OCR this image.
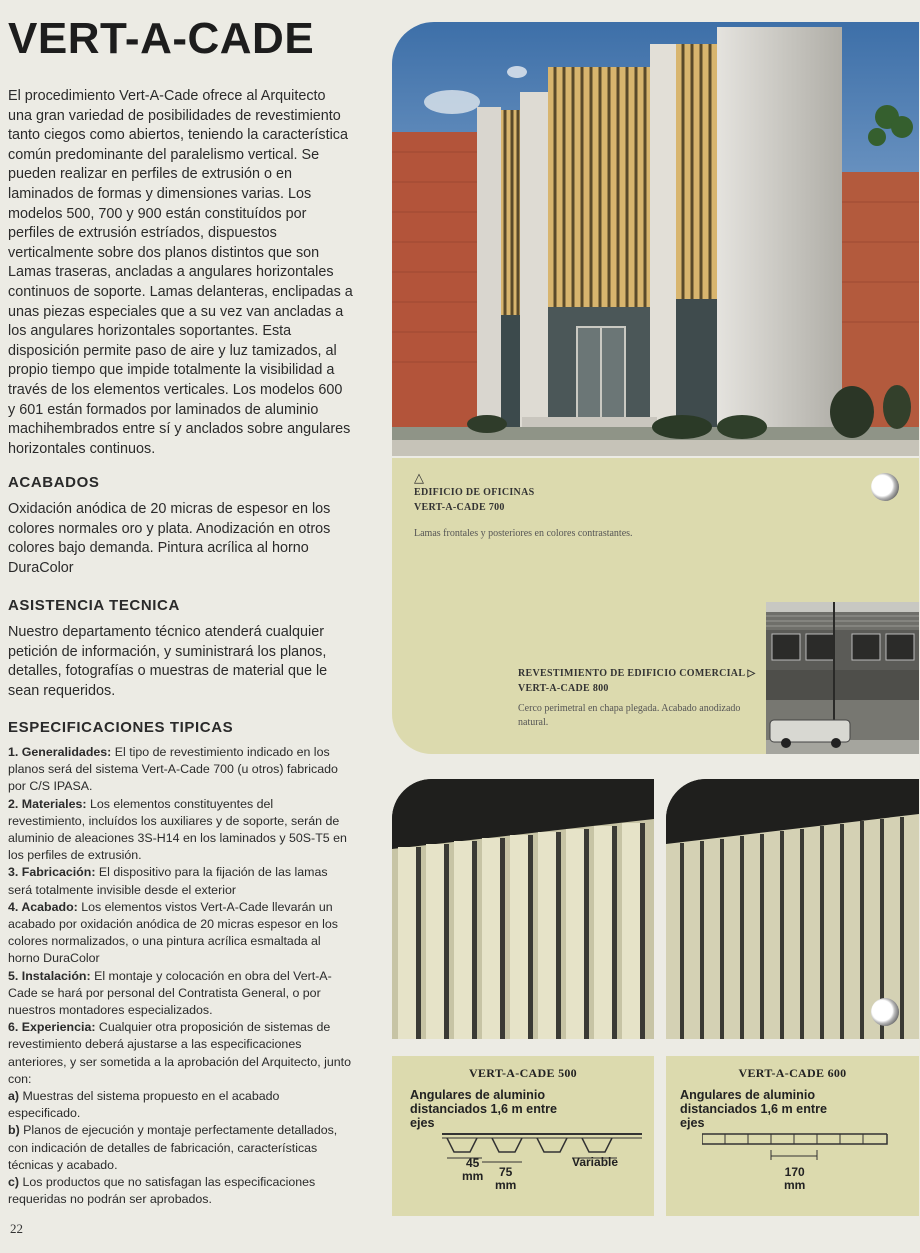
VERT-A-CADE
El procedimiento Vert-A-Cade ofrece al Arquitecto una gran variedad de posibilidades de revestimiento tanto ciegos como abiertos, teniendo la característica común predominante del paralelismo vertical. Se pueden realizar en perfiles de extrusión o en laminados de formas y dimensiones varias. Los modelos 500, 700 y 900 están constituídos por perfiles de extrusión estríados, dispuestos verticalmente sobre dos planos distintos que son Lamas traseras, ancladas a angulares horizontales continuos de soporte. Lamas delanteras, enclipadas a unas piezas especiales que a su vez van ancladas a los angulares horizontales soportantes. Esta disposición permite paso de aire y luz tamizados, al propio tiempo que impide totalmente la visibilidad a través de los elementos verticales. Los modelos 600 y 601 están formados por laminados de aluminio machihembrados entre sí y anclados sobre angulares horizontales continuos.
ACABADOS
Oxidación anódica de 20 micras de espesor en los colores normales oro y plata. Anodización en otros colores bajo demanda. Pintura acrílica al horno DuraColor
ASISTENCIA TECNICA
Nuestro departamento técnico atenderá cualquier petición de información, y suministrará los planos, detalles, fotografías o muestras de material que le sean requeridos.
ESPECIFICACIONES TIPICAS

1. Generalidades: El tipo de revestimiento indicado en los planos será del sistema Vert-A-Cade 700 (u otros) fabricado por C/S IPASA.

2. Materiales: Los elementos constituyentes del revestimiento, incluídos los auxiliares y de soporte, serán de aluminio de aleaciones 3S-H14 en los laminados y 50S-T5 en los perfiles de extrusión.

3. Fabricación: El dispositivo para la fijación de las lamas será totalmente invisible desde el exterior

4. Acabado: Los elementos vistos Vert-A-Cade llevarán un acabado por oxidación anódica de 20 micras espesor en los colores normalizados, o una pintura acrílica esmaltada al horno DuraColor

5. Instalación: El montaje y colocación en obra del Vert-A-Cade se hará por personal del Contratista General, o por nuestros montadores especializados.

6. Experiencia: Cualquier otra proposición de sistemas de revestimiento deberá ajustarse a las especificaciones anteriores, y ser sometida a la aprobación del Arquitecto, junto con:

a) Muestras del sistema propuesto en el acabado especificado.

b) Planos de ejecución y montaje perfectamente detallados, con indicación de detalles de fabricación, características técnicas y acabado.

c) Los productos que no satisfagan las especificaciones requeridas no podrán ser aprobados.

22
△
EDIFICIO DE OFICINAS
VERT-A-CADE 700
Lamas frontales y posteriores en colores contrastantes.
REVESTIMIENTO DE EDIFICIO COMERCIAL ▷
VERT-A-CADE 800
Cerco perimetral en chapa plegada. Acabado anodizado natural.
VERT-A-CADE 500
Angulares de aluminio distanciados 1,6 m entre ejes
45
mm	75
mm
Variable
VERT-A-CADE 600
Angulares de aluminio distanciados 1,6 m entre ejes
170
mm
